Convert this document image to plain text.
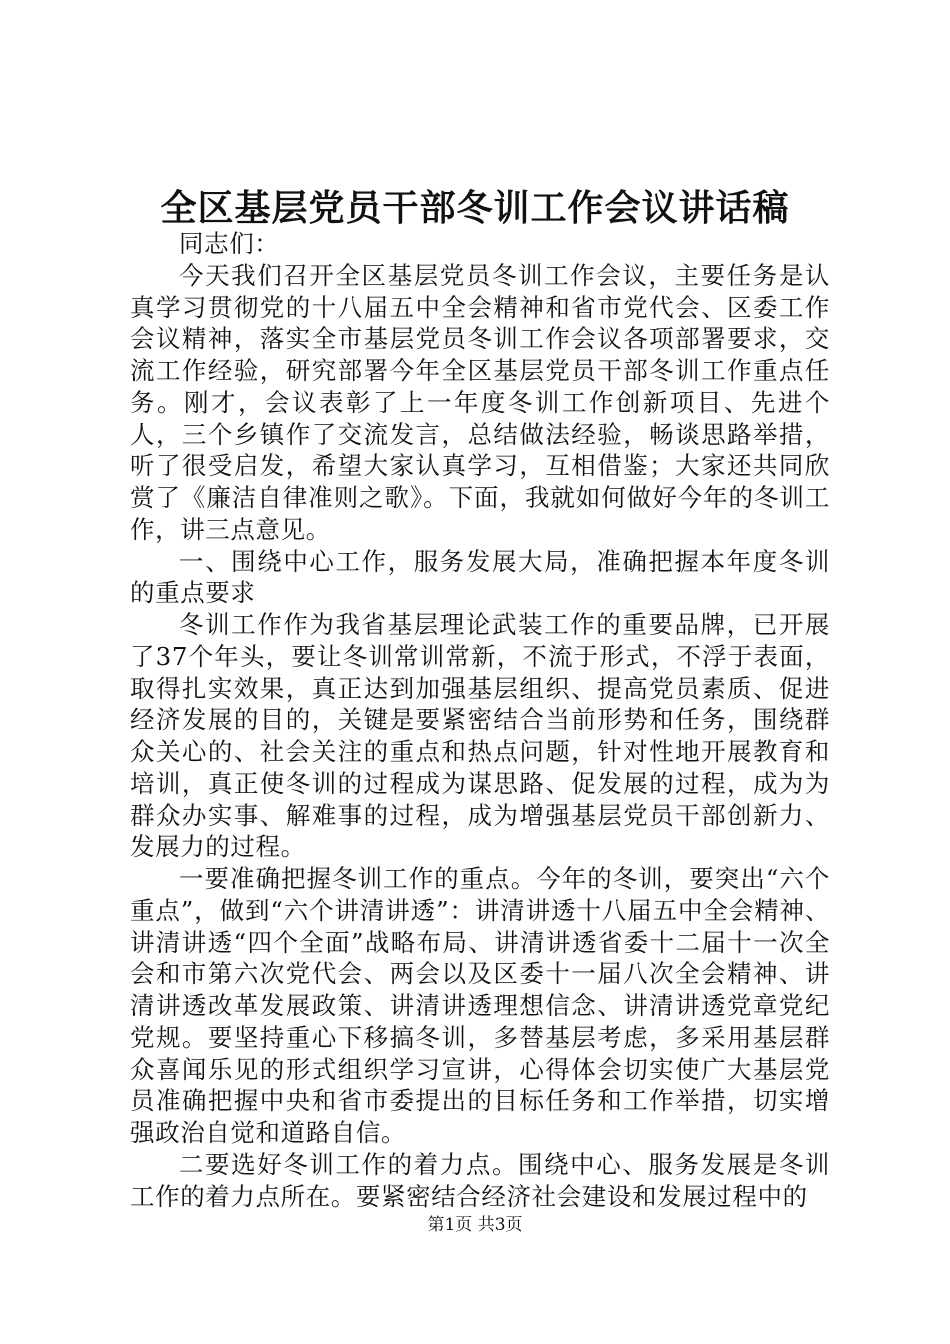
全区基层党员干部冬训工作会议讲话稿

同志们：

今天我们召开全区基层党员冬训工作会议，主要任务是认真学习贯彻党的十八届五中全会精神和省市党代会、区委工作会议精神，落实全市基层党员冬训工作会议各项部署要求，交流工作经验，研究部署今年全区基层党员干部冬训工作重点任务。刚才，会议表彰了上一年度冬训工作创新项目、先进个人，三个乡镇作了交流发言，总结做法经验，畅谈思路举措，听了很受启发，希望大家认真学习，互相借鉴；大家还共同欣赏了《廉洁自律准则之歌》。下面，我就如何做好今年的冬训工作，讲三点意见。

一、围绕中心工作，服务发展大局，准确把握本年度冬训的重点要求

冬训工作作为我省基层理论武装工作的重要品牌，已开展了37个年头，要让冬训常训常新，不流于形式，不浮于表面，取得扎实效果，真正达到加强基层组织、提高党员素质、促进经济发展的目的，关键是要紧密结合当前形势和任务，围绕群众关心的、社会关注的重点和热点问题，针对性地开展教育和培训，真正使冬训的过程成为谋思路、促发展的过程，成为为群众办实事、解难事的过程，成为增强基层党员干部创新力、发展力的过程。

一要准确把握冬训工作的重点。今年的冬训，要突出“六个重点”，做到“六个讲清讲透”：讲清讲透十八届五中全会精神、讲清讲透“四个全面”战略布局、讲清讲透省委十二届十一次全会和市第六次党代会、两会以及区委十一届八次全会精神、讲清讲透改革发展政策、讲清讲透理想信念、讲清讲透党章党纪党规。要坚持重心下移搞冬训，多替基层考虑，多采用基层群众喜闻乐见的形式组织学习宣讲，心得体会切实使广大基层党员准确把握中央和省市委提出的目标任务和工作举措，切实增强政治自觉和道路自信。

二要选好冬训工作的着力点。围绕中心、服务发展是冬训工作的着力点所在。要紧密结合经济社会建设和发展过程中的

第1页 共3页
